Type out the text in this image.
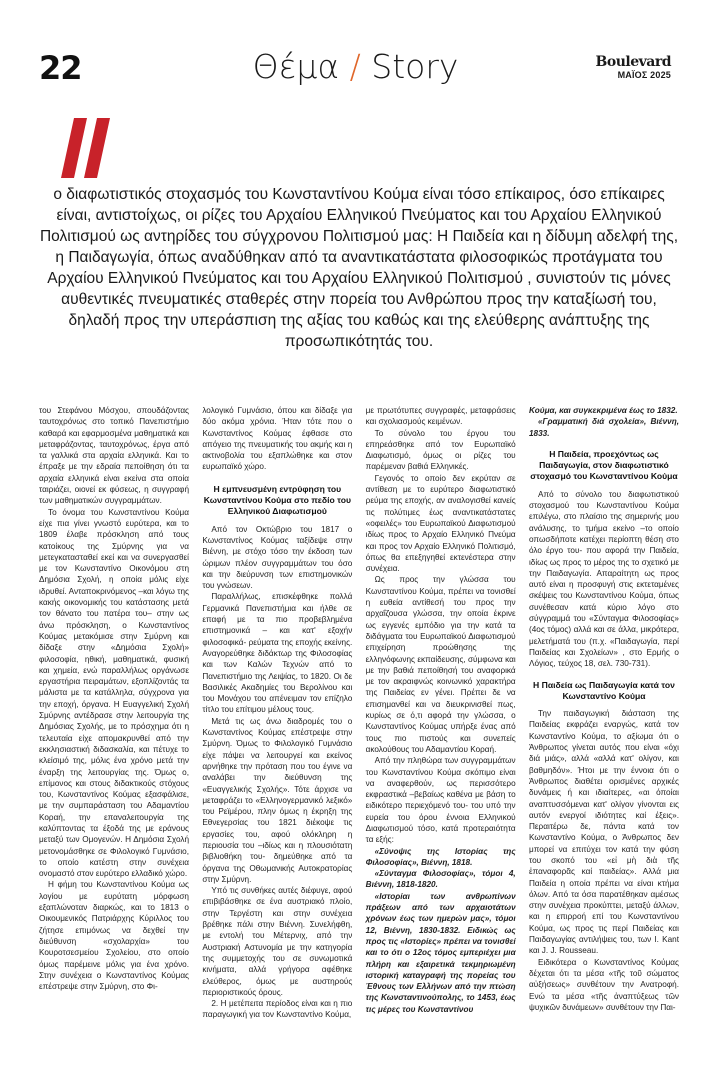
22	Θέμα / Story	Boulevard
ΜΑΪΟΣ 2025
ο διαφωτιστικός στοχασμός του Κωνσταντίνου Κούμα είναι τόσο επίκαιρος, όσο επίκαιρες είναι, αντιστοίχως, οι ρίζες του Αρχαίου Ελληνικού Πνεύματος και του Αρχαίου Ελληνικού Πολιτισμού ως αντηρίδες του σύγχρονου Πολιτισμού μας: Η Παιδεία και η δίδυμη αδελφή της, η Παιδαγωγία, όπως αναδύθηκαν από τα αναντικατάστατα φιλοσοφικώς προτάγματα του Αρχαίου Ελληνικού Πνεύματος και του Αρχαίου Ελληνικού Πολιτισμού , συνιστούν τις μόνες αυθεντικές πνευματικές σταθερές στην πορεία του Ανθρώπου προς την καταξίωσή του, δηλαδή προς την υπεράσπιση της αξίας του καθώς και της ελεύθερης ανάπτυξης της προσωπικότητάς του.

του Στεφάνου Μόσχου, σπουδάζοντας ταυτοχρόνως στο τοπικό Πανεπιστήμιο καθαρά και εφαρμοσμένα μαθηματικά και μεταφράζοντας, ταυτοχρόνως, έργα από τα γαλλικά στα αρχαία ελληνικά. Και το έπραξε με την εδραία πεποίθηση ότι τα αρχαία ελληνικά είναι εκείνα στα οποία ταιριάζει, οιονεί εκ φύσεως, η συγγραφή των μαθηματικών συγγραμμάτων.

Το όνομα του Κωνσταντίνου Κούμα είχε πια γίνει γνωστό ευρύτερα, και το 1809 έλαβε πρόσκληση από τους κατοίκους της Σμύρνης για να μετεγκατασταθεί εκεί και να συνεργασθεί με τον Κωνσταντίνο Οικονόμου στη Δημόσια Σχολή, η οποία μόλις είχε ιδρυθεί. Ανταποκρινόμενος –και λόγω της κακής οικονομικής του κατάστασης μετά τον θάνατο του πατέρα του– στην ως άνω πρόσκληση, ο Κωνσταντίνος Κούμας μετακόμισε στην Σμύρνη και δίδαξε στην «Δημόσια Σχολή» φιλοσοφία, ηθική, μαθηματικά, φυσική και χημεία, ενώ παραλλήλως οργάνωσε εργαστήρια πειραμάτων, εξοπλίζοντάς τα μάλιστα με τα κατάλληλα, σύγχρονα για την εποχή, όργανα. Η Ευαγγελική Σχολή Σμύρνης αντέδρασε στην λειτουργία της Δημόσιας Σχολής, με το πρόσχημα ότι η τελευταία είχε απομακρυνθεί από την εκκλησιαστική διδασκαλία, και πέτυχε το κλείσιμό της, μόλις ένα χρόνο μετά την έναρξη της λειτουργίας της. Όμως ο, επίμονος και στους διδακτικούς στόχους του, Κωνσταντίνος Κούμας εξασφάλισε, με την συμπαράσταση του Αδαμαντίου Κοραή, την επαναλειτουργία της καλύπτοντας τα έξοδά της με εράνους μεταξύ των Ομογενών. Η Δημόσια Σχολή μετονομάσθηκε σε Φιλολογικό Γυμνάσιο, το οποίο κατέστη στην συνέχεια ονομαστό στον ευρύτερο ελλαδικό χώρο.

Η φήμη του Κωνσταντίνου Κούμα ως λογίου με ευρύτατη μόρφωση εξαπλώνοταν διαρκώς, και το 1813 ο Οικουμενικός Πατριάρχης Κύριλλος του ζήτησε επιμόνως να δεχθεί την διεύθυνση «σχολαρχία» του Κουροτσεσμείου Σχολείου, στο οποίο όμως παρέμεινε μόλις για ένα χρόνο. Στην συνέχεια ο Κωνσταντίνος Κούμας επέστρεψε στην Σμύρνη, στο Φι-

λολογικό Γυμνάσιο, όπου και δίδαξε για δύο ακόμα χρόνια. Ήταν τότε που ο Κωνσταντίνος Κούμας έφθασε στο απόγειο της πνευματικής του ακμής και η ακτινοβολία του εξαπλώθηκε και στον ευρωπαϊκό χώρο.

Η εμπνευσμένη εντρύφηση του Κωνσταντίνου Κούμα στο πεδίο του Ελληνικού Διαφωτισμού

Από τον Οκτώβριο του 1817 ο Κωνσταντίνος Κούμας ταξίδεψε στην Βιέννη, με στόχο τόσο την έκδοση των ώριμων πλέον συγγραμμάτων του όσο και την διεύρυνση των επιστημονικών του γνώσεων.

Παραλλήλως, επισκέφθηκε πολλά Γερμανικά Πανεπιστήμια και ήλθε σε επαφή με τα πιο προβεβλημένα επιστημονικά – και κατ' εξοχήν φιλοσοφικά- ρεύματα της εποχής εκείνης. Αναγορεύθηκε διδάκτωρ της Φιλοσοφίας και των Καλών Τεχνών από το Πανεπιστήμιο της Λειψίας, το 1820. Οι δε Βασιλικές Ακαδημίες του Βερολίνου και του Μονάχου του απένειμαν τον επίζηλο τίτλο του επίτιμου μέλους τους.

Μετά τις ως άνω διαδρομές του ο Κωνσταντίνος Κούμας επέστρεψε στην Σμύρνη. Όμως το Φιλολογικό Γυμνάσιο είχε πάψει να λειτουργεί και εκείνος αρνήθηκε την πρόταση που του έγινε να αναλάβει την διεύθυνση της «Ευαγγελικής Σχολής». Τότε άρχισε να μεταφράζει το «Ελληνογερμανικό λεξικό» του Ρεϊμέρου, πλην όμως η έκρηξη της Εθνεγερσίας του 1821 διέκοψε τις εργασίες του, αφού ολόκληρη η περιουσία του –ιδίως και η πλουσιότατη βιβλιοθήκη του- δημεύθηκε από τα όργανα της Οθωμανικής Αυτοκρατορίας στην Σμύρνη.

Υπό τις συνθήκες αυτές διέφυγε, αφού επιβιβάσθηκε σε ένα αυστριακό πλοίο, στην Τεργέστη και στην συνέχεια βρέθηκε πάλι στην Βιέννη. Συνελήφθη, με εντολή του Μέτερνιχ, από την Αυστριακή Αστυνομία με την κατηγορία της συμμετοχής του σε συνωμοτικά κινήματα, αλλά γρήγορα αφέθηκε ελεύθερος, όμως με αυστηρούς περιοριστικούς όρους.

2. Η μετέπειτα περίοδος είναι και η πιο παραγωγική για τον Κωνσταντίνο Κούμα,

με πρωτότυπες συγγραφές, μεταφράσεις και σχολιασμούς κειμένων.

Το σύνολο του έργου του επηρεάσθηκε από τον Ευρωπαϊκό Διαφωτισμό, όμως οι ρίζες του παρέμεναν βαθιά Ελληνικές.

Γεγονός το οποίο δεν εκρύταν σε αντίθεση με το ευρύτερο διαφωτιστικό ρεύμα της εποχής, αν αναλογισθεί κανείς τις πολύτιμες έως αναντικατάστατες «οφειλές» του Ευρωπαϊκού Διαφωτισμού ιδίως προς το Αρχαίο Ελληνικό Πνεύμα και προς τον Αρχαίο Ελληνικό Πολιτισμό, όπως θα επεξηγηθεί εκτενέστερα στην συνέχεια.

Ως προς την γλώσσα του Κωνσταντίνου Κούμα, πρέπει να τονισθεί η ευθεία αντίθεσή του προς την αρχαΐζουσα γλώσσα, την οποία έκρινε ως εγγενές εμπόδιο για την κατά τα διδάγματα του Ευρωπαϊκού Διαφωτισμού επιχείρηση προώθησης της ελληνόφωνης εκπαίδευσης, σύμφωνα και με την βαθιά πεποίθησή του αναφορικά με τον ακραιφνώς κοινωνικό χαρακτήρα της Παιδείας εν γένει. Πρέπει δε να επισημανθεί και να διευκρινισθεί πως, κυρίως σε ό,τι αφορά την γλώσσα, ο Κωνσταντίνος Κούμας υπήρξε ένας από τους πιο πιστούς και συνεπείς ακολούθους του Αδαμαντίου Κοραή.

Από την πληθώρα των συγγραμμάτων του Κωνσταντίνου Κούμα σκόπιμο είναι να αναφερθούν, ως περισσότερο εκφραστικά –βεβαίως καθένα με βάση το ειδικότερο περιεχόμενό του- του υπό την ευρεία του όρου έννοια Ελληνικού Διαφωτισμού τόσο, κατά προτεραιότητα τα εξής:

«Σύνοψις της Ιστορίας της Φιλοσοφίας», Βιέννη, 1818.

«Σύνταγμα Φιλοσοφίας», τόμοι 4, Βιέννη, 1818-1820.

«Ιστορίαι των ανθρωπίνων πράξεων από των αρχαιοτάτων χρόνων έως των ημερών μας», τόμοι 12, Βιέννη, 1830-1832. Ειδικώς ως προς τις «Ιστορίες» πρέπει να τονισθεί και το ότι ο 12ος τόμος εμπεριέχει μια πλήρη και εξαιρετικά τεκμηριωμένη ιστορική καταγραφή της πορείας του Έθνους των Ελλήνων από την πτώση της Κωνσταντινούπολης, το 1453, έως τις μέρες του Κωνσταντίνου

Κούμα, και συγκεκριμένα έως το 1832.

«Γραμματική διά σχολεία», Βιέννη, 1833.

Η Παιδεία, προεχόντως ως Παιδαγωγία, στον διαφωτιστικό στοχασμό του Κωνσταντίνου Κούμα

Από το σύνολο του διαφωτιστικού στοχασμού του Κωνσταντίνου Κούμα επιλέγω, στο πλαίσιο της σημερινής μου ανάλυσης, το τμήμα εκείνο –το οποίο οπωσδήποτε κατέχει περίοπτη θέση στο όλο έργο του- που αφορά την Παιδεία, ιδίως ως προς το μέρος της το σχετικό με την Παιδαγωγία. Απαραίτητη ως προς αυτό είναι η προσφυγή στις εκτεταμένες σκέψεις του Κωνσταντίνου Κούμα, όπως συνέθεσαν κατά κύριο λόγο στο σύγγραμμά του «Σύνταγμα Φιλοσοφίας» (4ος τόμος) αλλά και σε άλλα, μικρότερα, μελετήματά του (π.χ. «Παιδαγωγία, περί Παιδείας και Σχολείων» , στο Ερμής ο Λόγιος, τεύχος 18, σελ. 730-731).

Η Παιδεία ως Παιδαγωγία κατά τον Κωνσταντίνο Κούμα

Την παιδαγωγική διάσταση της Παιδείας εκφράζει εναργώς, κατά τον Κωνσταντίνο Κούμα, το αξίωμα ότι ο Άνθρωπος γίνεται αυτός που είναι «όχι διά μιάς», αλλά «αλλά κατ' ολίγον, και βαθμηδόν». Ήτοι με την έννοια ότι ο Άνθρωπος διαθέτει ορισμένες αρχικές δυνάμεις ή και ιδιαίτερες, «αι όποίαι αναπτυσσόμεναι κατ' ολίγον γίνονται εις αυτόν ενεργοί ιδιότητες καί έξεις». Περαιτέρω δε, πάντα κατά τον Κωνσταντίνο Κούμα, ο Άνθρωπος δεν μπορεί να επιτύχει τον κατά την φύση του σκοπό του «εἰ μὴ διὰ τῆς ἐπαναφορᾶς καί παιδείας». Αλλά μια Παιδεία η οποία πρέπει να είναι κτήμα όλων. Από τα όσα παρατέθηκαν αμέσως στην συνέχεια προκύπτει, μεταξύ άλλων, και η επιρροή επί του Κωνσταντίνου Κούμα, ως προς τις περί Παιδείας και Παιδαγωγίας αντιλήψεις του, των I. Kant και J. J. Rousseau.

Ειδικότερα ο Κωνσταντίνος Κούμας δέχεται ότι τα μέσα «τῆς τοῦ σώματος αὐξήσεως» συνθέτουν την Ανατροφή. Ενώ τα μέσα «τῆς ἀναπτύξεως τῶν ψυχικῶν δυνάμεων» συνθέτουν την Παι-
